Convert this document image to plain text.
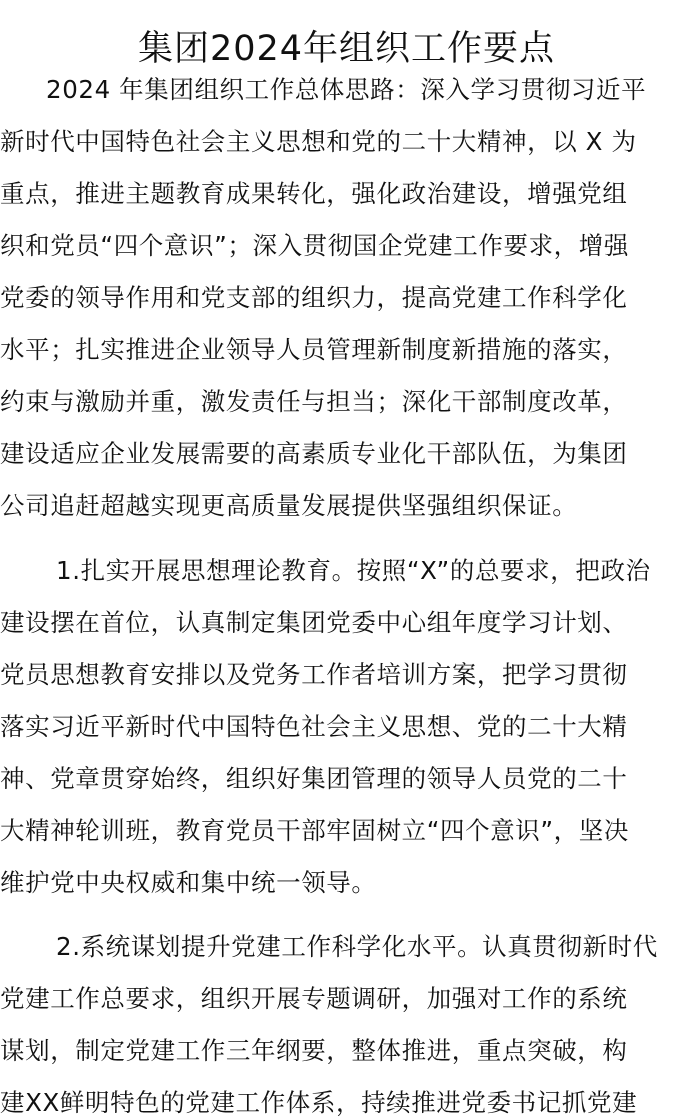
集团2024年组织工作要点
2024 年集团组织工作总体思路：深入学习贯彻习近平
新时代中国特色社会主义思想和党的二十大精神，以 X 为
重点，推进主题教育成果转化，强化政治建设，增强党组
织和党员“四个意识”；深入贯彻国企党建工作要求，增强
党委的领导作用和党支部的组织力，提高党建工作科学化
水平；扎实推进企业领导人员管理新制度新措施的落实，
约束与激励并重，激发责任与担当；深化干部制度改革，
建设适应企业发展需要的高素质专业化干部队伍，为集团
公司追赶超越实现更高质量发展提供坚强组织保证。
1.扎实开展思想理论教育。按照“X”的总要求，把政治
建设摆在首位，认真制定集团党委中心组年度学习计划、
党员思想教育安排以及党务工作者培训方案，把学习贯彻
落实习近平新时代中国特色社会主义思想、党的二十大精
神、党章贯穿始终，组织好集团管理的领导人员党的二十
大精神轮训班，教育党员干部牢固树立“四个意识”，坚决
维护党中央权威和集中统一领导。
2.系统谋划提升党建工作科学化水平。认真贯彻新时代
党建工作总要求，组织开展专题调研，加强对工作的系统
谋划，制定党建工作三年纲要，整体推进，重点突破，构
建XX鲜明特色的党建工作体系，持续推进党委书记抓党建
